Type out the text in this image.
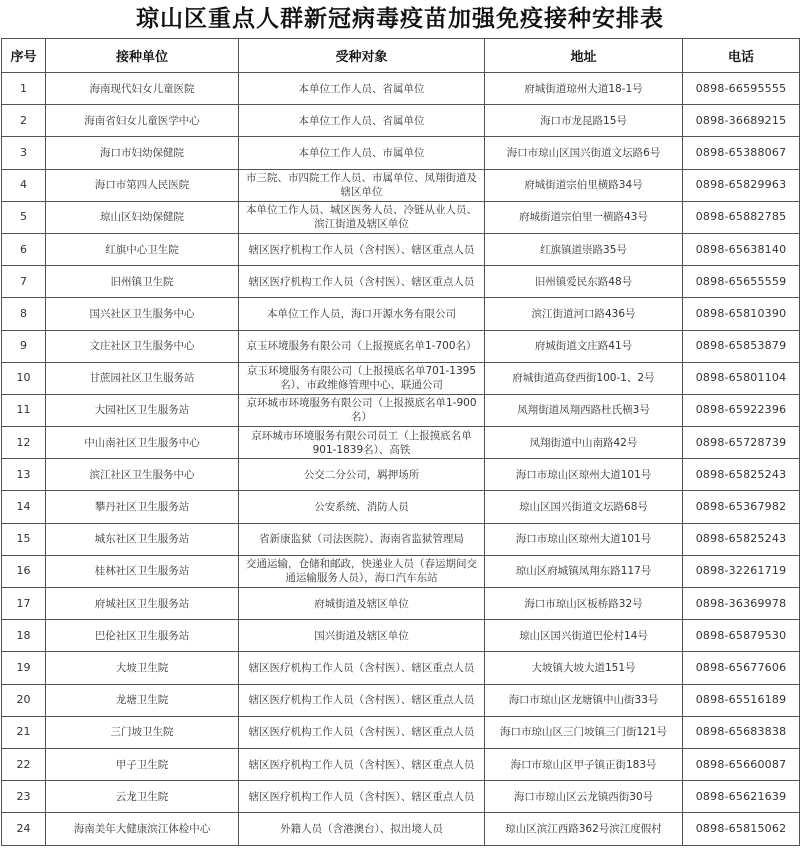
琼山区重点人群新冠病毒疫苗加强免疫接种安排表
序号	接种单位	受种对象	地址	电话
1	海南现代妇女儿童医院	本单位工作人员、省属单位	府城街道琼州大道18-1号	0898-66595555
2	海南省妇女儿童医学中心	本单位工作人员、省属单位	海口市龙昆路15号	0898-36689215
3	海口市妇幼保健院	本单位工作人员、市属单位	海口市琼山区国兴街道文坛路6号	0898-65388067
4	海口市第四人民医院	市三院、市四院工作人员、市属单位、凤翔街道及辖区单位	府城街道宗伯里横路34号	0898-65829963
5	琼山区妇幼保健院	本单位工作人员、城区医务人员、冷链从业人员、滨江街道及辖区单位	府城街道宗伯里一横路43号	0898-65882785
6	红旗中心卫生院	辖区医疗机构工作人员（含村医）、辖区重点人员	红旗镇道崇路35号	0898-65638140
7	旧州镇卫生院	辖区医疗机构工作人员（含村医）、辖区重点人员	旧州镇爱民东路48号	0898-65655559
8	国兴社区卫生服务中心	本单位工作人员，海口开源水务有限公司	滨江街道河口路436号	0898-65810390
9	文庄社区卫生服务中心	京玉环境服务有限公司（上报摸底名单1-700名）	府城街道文庄路41号	0898-65853879
10	甘蔗园社区卫生服务站	京玉环境服务有限公司（上报摸底名单701-1395名）、市政维修管理中心、联通公司	府城街道高登西街100-1、2号	0898-65801104
11	大园社区卫生服务站	京环城市环境服务有限公司（上报摸底名单1-900名）	凤翔街道凤翔西路杜氏横3号	0898-65922396
12	中山南社区卫生服务中心	京环城市环境服务有限公司员工（上报摸底名单901-1839名）、高铁	凤翔街道中山南路42号	0898-65728739
13	滨江社区卫生服务中心	公交二分公司，羁押场所	海口市琼山区琼州大道101号	0898-65825243
14	攀丹社区卫生服务站	公安系统、消防人员	琼山区国兴街道文坛路68号	0898-65367982
15	城东社区卫生服务站	省新康监狱（司法医院）、海南省监狱管理局	海口市琼山区琼州大道101号	0898-65825243
16	桂林社区卫生服务站	交通运输，仓储和邮政，快递业人员（春运期间交通运输服务人员），海口汽车东站	琼山区府城镇凤翔东路117号	0898-32261719
17	府城社区卫生服务站	府城街道及辖区单位	海口市琼山区板桥路32号	0898-36369978
18	巴伦社区卫生服务站	国兴街道及辖区单位	琼山区国兴街道巴伦村14号	0898-65879530
19	大坡卫生院	辖区医疗机构工作人员（含村医）、辖区重点人员	大坡镇大坡大道151号	0898-65677606
20	龙塘卫生院	辖区医疗机构工作人员（含村医）、辖区重点人员	海口市琼山区龙塘镇中山街33号	0898-65516189
21	三门坡卫生院	辖区医疗机构工作人员（含村医）、辖区重点人员	海口市琼山区三门坡镇三门街121号	0898-65683838
22	甲子卫生院	辖区医疗机构工作人员（含村医）、辖区重点人员	海口市琼山区甲子镇正街183号	0898-65660087
23	云龙卫生院	辖区医疗机构工作人员（含村医）、辖区重点人员	海口市琼山区云龙镇西街30号	0898-65621639
24	海南美年大健康滨江体检中心	外籍人员（含港澳台）、拟出境人员	琼山区滨江西路362号滨江度假村	0898-65815062
